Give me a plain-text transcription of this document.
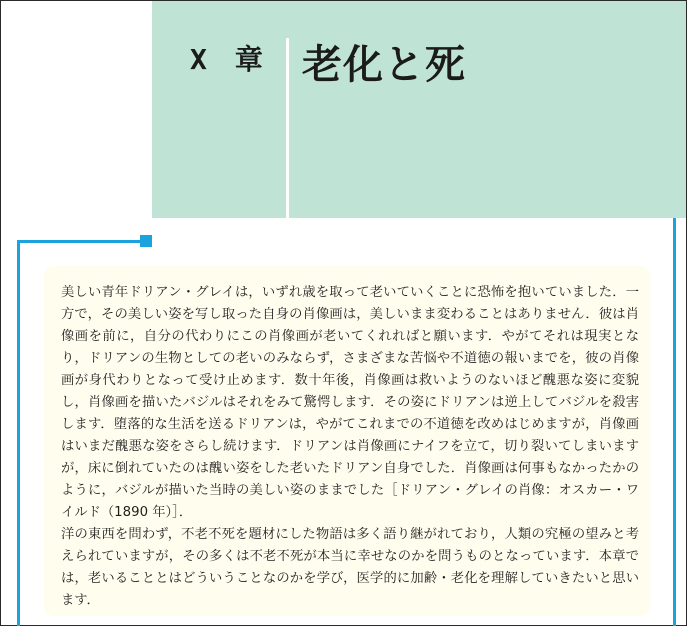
X　章 老化と死

美しい青年ドリアン・グレイは，いずれ歳を取って老いていくことに恐怖を抱いていました．一方で，その美しい姿を写し取った自身の肖像画は，美しいまま変わることはありません．彼は肖像画を前に，自分の代わりにこの肖像画が老いてくれればと願います．やがてそれは現実となり，ドリアンの生物としての老いのみならず，さまざまな苦悩や不道徳の報いまでを，彼の肖像画が身代わりとなって受け止めます．数十年後，肖像画は救いようのないほど醜悪な姿に変貌し，肖像画を描いたバジルはそれをみて驚愕します．その姿にドリアンは逆上してバジルを殺害します．堕落的な生活を送るドリアンは，やがてこれまでの不道徳を改めはじめますが，肖像画はいまだ醜悪な姿をさらし続けます．ドリアンは肖像画にナイフを立て，切り裂いてしまいますが，床に倒れていたのは醜い姿をした老いたドリアン自身でした．肖像画は何事もなかったかのように，バジルが描いた当時の美しい姿のままでした［ドリアン・グレイの肖像：オスカー・ワイルド（1890 年）］．

洋の東西を問わず，不老不死を題材にした物語は多く語り継がれており，人類の究極の望みと考えられていますが，その多くは不老不死が本当に幸せなのかを問うものとなっています．本章では，老いることとはどういうことなのかを学び，医学的に加齢・老化を理解していきたいと思います．
